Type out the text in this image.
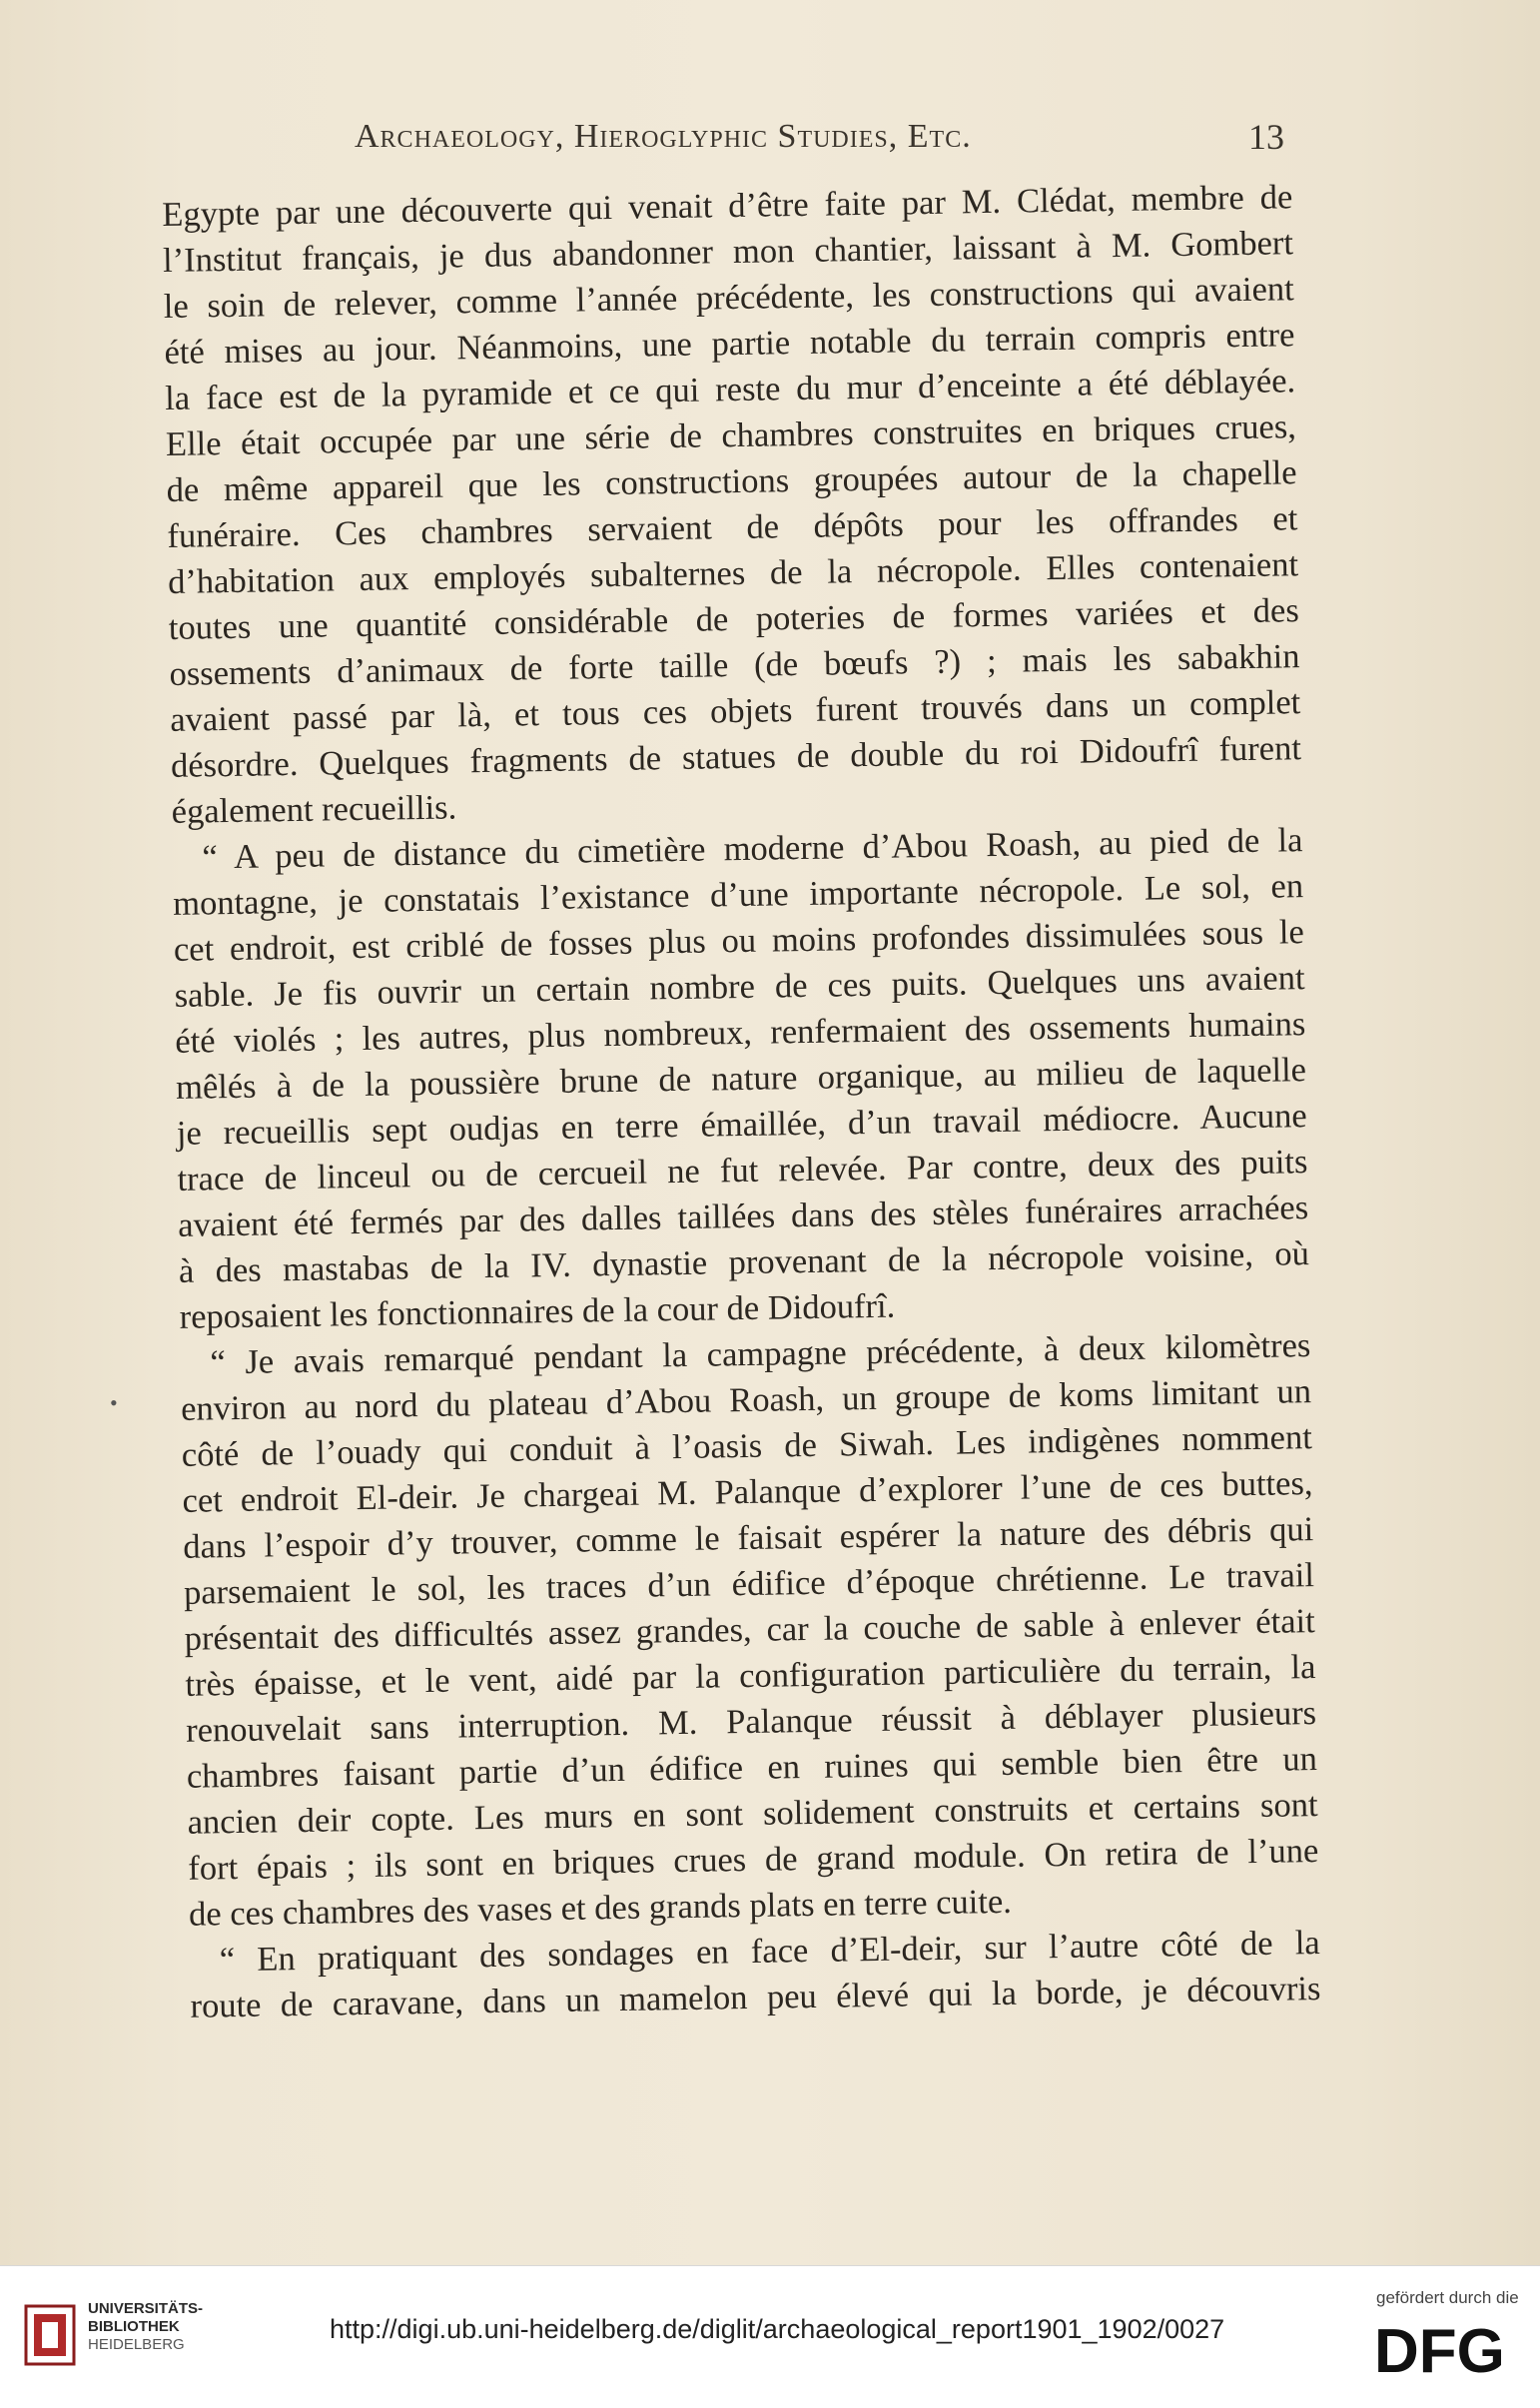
Archaeology, Hieroglyphic Studies, Etc.	13
•
Egypte par une découverte qui venait d’être faite par M. Clédat, membre de
l’Institut français, je dus abandonner mon chantier, laissant à M. Gombert
le soin de relever, comme l’année précédente, les constructions qui avaient
été mises au jour. Néanmoins, une partie notable du terrain compris entre
la face est de la pyramide et ce qui reste du mur d’enceinte a été déblayée.
Elle était occupée par une série de chambres construites en briques crues,
de même appareil que les constructions groupées autour de la chapelle
funéraire. Ces chambres servaient de dépôts pour les offrandes et
d’habitation aux employés subalternes de la nécropole. Elles contenaient
toutes une quantité considérable de poteries de formes variées et des
ossements d’animaux de forte taille (de bœufs ?) ; mais les sabakhin
avaient passé par là, et tous ces objets furent trouvés dans un complet
désordre. Quelques fragments de statues de double du roi Didoufrî furent
également recueillis.
“ A peu de distance du cimetière moderne d’Abou Roash, au pied de la
montagne, je constatais l’existance d’une importante nécropole. Le sol, en
cet endroit, est criblé de fosses plus ou moins profondes dissimulées sous le
sable. Je fis ouvrir un certain nombre de ces puits. Quelques uns avaient
été violés ; les autres, plus nombreux, renfermaient des ossements humains
mêlés à de la poussière brune de nature organique, au milieu de laquelle
je recueillis sept oudjas en terre émaillée, d’un travail médiocre. Aucune
trace de linceul ou de cercueil ne fut relevée. Par contre, deux des puits
avaient été fermés par des dalles taillées dans des stèles funéraires arrachées
à des mastabas de la IV. dynastie provenant de la nécropole voisine, où
reposaient les fonctionnaires de la cour de Didoufrî.
“ Je avais remarqué pendant la campagne précédente, à deux kilomètres
environ au nord du plateau d’Abou Roash, un groupe de koms limitant un
côté de l’ouady qui conduit à l’oasis de Siwah. Les indigènes nomment
cet endroit El-deir. Je chargeai M. Palanque d’explorer l’une de ces buttes,
dans l’espoir d’y trouver, comme le faisait espérer la nature des débris qui
parsemaient le sol, les traces d’un édifice d’époque chrétienne. Le travail
présentait des difficultés assez grandes, car la couche de sable à enlever était
très épaisse, et le vent, aidé par la configuration particulière du terrain, la
renouvelait sans interruption. M. Palanque réussit à déblayer plusieurs
chambres faisant partie d’un édifice en ruines qui semble bien être un
ancien deir copte. Les murs en sont solidement construits et certains sont
fort épais ; ils sont en briques crues de grand module. On retira de l’une
de ces chambres des vases et des grands plats en terre cuite.
“ En pratiquant des sondages en face d’El-deir, sur l’autre côté de la
route de caravane, dans un mamelon peu élevé qui la borde, je découvris
UNIVERSITÄTS-
BIBLIOTHEK
HEIDELBERG
http://digi.ub.uni-heidelberg.de/diglit/archaeological_report1901_1902/0027
gefördert durch die
DFG
